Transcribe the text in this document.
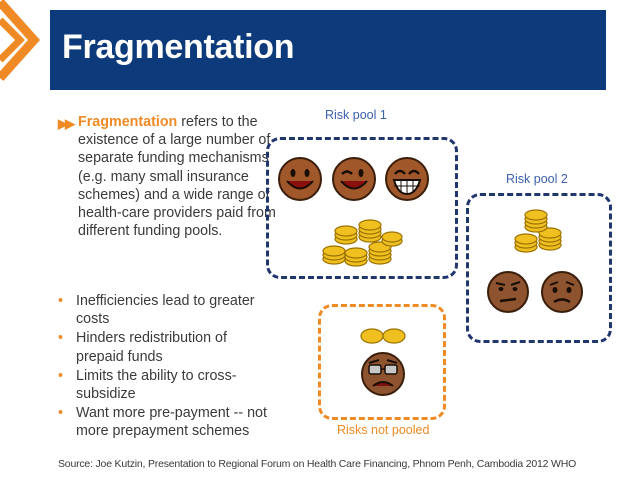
Fragmentation
▶▶ Fragmentation refers to the existence of a large number of separate funding mechanisms (e.g. many small insurance schemes) and a wide range of health-care providers paid from different funding pools.
• Inefficiencies lead to greater costs
• Hinders redistribution of prepaid funds
• Limits the ability to cross-subsidize
• Want more pre-payment -- not more prepayment schemes
Risk pool 1
Risk pool 2
Risks not pooled
Source: Joe Kutzin, Presentation to Regional Forum on Health Care Financing, Phnom Penh, Cambodia 2012 WHO
